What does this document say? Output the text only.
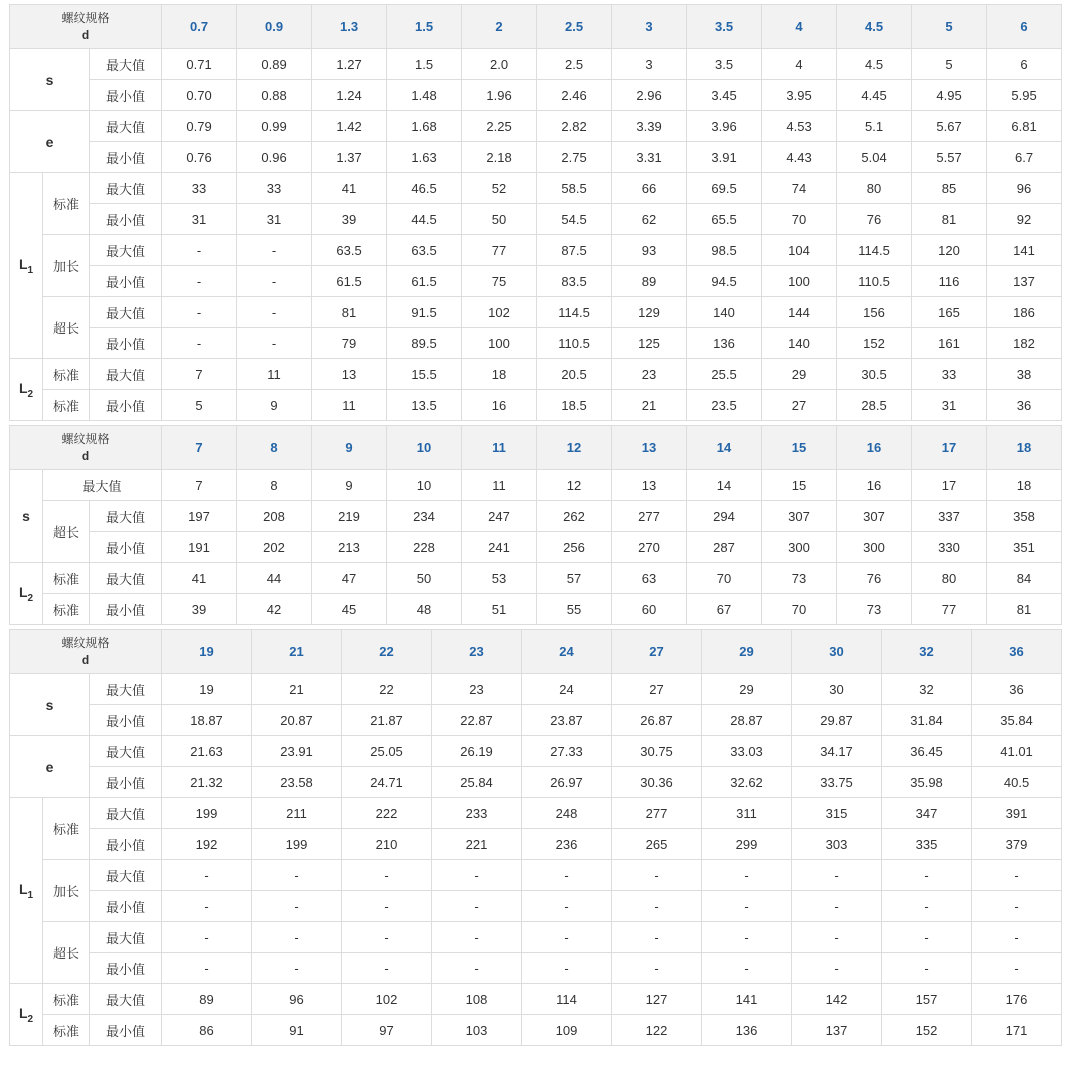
螺纹规格

d			0.7	0.9	1.3	1.5	2	2.5	3	3.5	4	4.5	5	6
s		最大值	0.71	0.89	1.27	1.5	2.0	2.5	3	3.5	4	4.5	5	6
		最小值	0.70	0.88	1.24	1.48	1.96	2.46	2.96	3.45	3.95	4.45	4.95	5.95
e		最大值	0.79	0.99	1.42	1.68	2.25	2.82	3.39	3.96	4.53	5.1	5.67	6.81
		最小值	0.76	0.96	1.37	1.63	2.18	2.75	3.31	3.91	4.43	5.04	5.57	6.7
$L_1$	标准	最大值	33	33	41	46.5	52	58.5	66	69.5	74	80	85	96
		最小值	31	31	39	44.5	50	54.5	62	65.5	70	76	81	92
	加长	最大值	-	-	63.5	63.5	77	87.5	93	98.5	104	114.5	120	141
		最小值	-	-	61.5	61.5	75	83.5	89	94.5	100	110.5	116	137
	超长	最大值	-	-	81	91.5	102	114.5	129	140	144	156	165	186
		最小值	-	-	79	89.5	100	110.5	125	136	140	152	161	182
$L_2$	标准	最大值	7	11	13	15.5	18	20.5	23	25.5	29	30.5	33	38
	标准	最小值	5	9	11	13.5	16	18.5	21	23.5	27	28.5	31	36
螺纹规格

d			7	8	9	10	11	12	13	14	15	16	17	18
s	最大值		7	8	9	10	11	12	13	14	15	16	17	18
	超长	最大值	197	208	219	234	247	262	277	294	307	307	337	358
		最小值	191	202	213	228	241	256	270	287	300	300	330	351
$L_2$	标准	最大值	41	44	47	50	53	57	63	70	73	76	80	84
	标准	最小值	39	42	45	48	51	55	60	67	70	73	77	81
螺纹规格

d			19	21	22	23	24	27	29	30	32	36
s		最大值	19	21	22	23	24	27	29	30	32	36
		最小值	18.87	20.87	21.87	22.87	23.87	26.87	28.87	29.87	31.84	35.84
e		最大值	21.63	23.91	25.05	26.19	27.33	30.75	33.03	34.17	36.45	41.01
		最小值	21.32	23.58	24.71	25.84	26.97	30.36	32.62	33.75	35.98	40.5
$L_1$	标准	最大值	199	211	222	233	248	277	311	315	347	391
		最小值	192	199	210	221	236	265	299	303	335	379
	加长	最大值	-	-	-	-	-	-	-	-	-	-
		最小值	-	-	-	-	-	-	-	-	-	-
	超长	最大值	-	-	-	-	-	-	-	-	-	-
		最小值	-	-	-	-	-	-	-	-	-	-
$L_2$	标准	最大值	89	96	102	108	114	127	141	142	157	176
	标准	最小值	86	91	97	103	109	122	136	137	152	171
